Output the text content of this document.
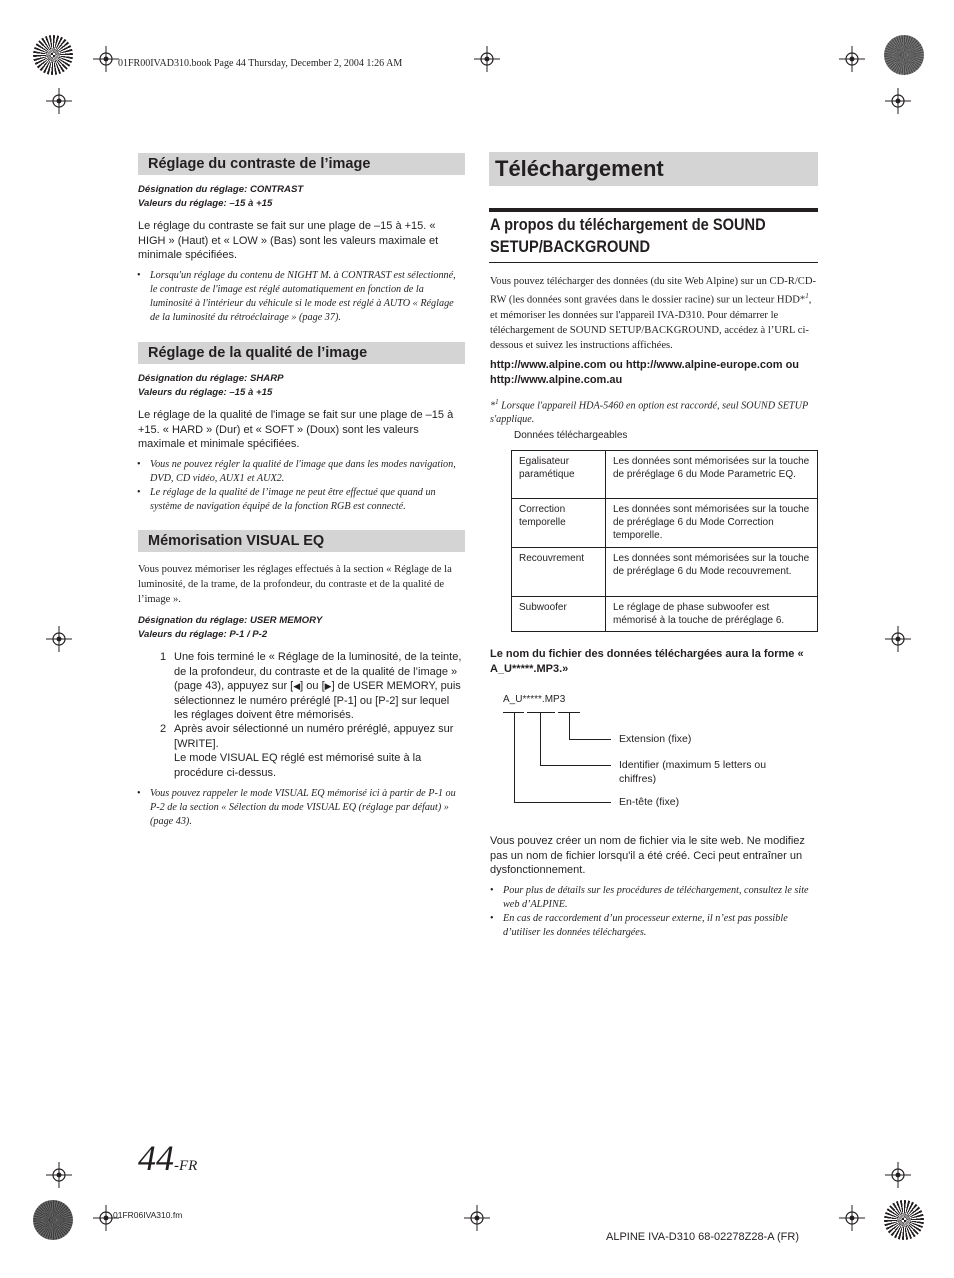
01FR00IVAD310.book Page 44 Thursday, December 2, 2004 1:26 AM
Réglage du contraste de l’image
Désignation du réglage: CONTRAST
Valeurs du réglage: –15 à +15
Le réglage du contraste se fait sur une plage de –15 à +15. « HIGH » (Haut) et « LOW » (Bas) sont les valeurs maximale et minimale spécifiées.
• Lorsqu'un réglage du contenu de NIGHT M. à CONTRAST est sélectionné, le contraste de l'image est réglé automatiquement en fonction de la luminosité à l'intérieur du véhicule si le mode est réglé à AUTO « Réglage de la luminosité du rétroéclairage » (page 37).
Réglage de la qualité de l’image
Désignation du réglage: SHARP
Valeurs du réglage: –15 à +15
Le réglage de la qualité de l'image se fait sur une plage de –15 à +15. « HARD » (Dur) et « SOFT » (Doux) sont les valeurs maximale et minimale spécifiées.
• Vous ne pouvez régler la qualité de l'image que dans les modes navigation, DVD, CD vidéo, AUX1 et AUX2.
• Le réglage de la qualité de l’image ne peut être effectué que quand un système de navigation équipé de la fonction RGB est connecté.
Mémorisation VISUAL EQ
Vous pouvez mémoriser les réglages effectués à la section « Réglage de la luminosité, de la trame, de la profondeur, du contraste et de la qualité de l’image ».
Désignation du réglage: USER MEMORY
Valeurs du réglage: P-1 / P-2
1 Une fois terminé le « Réglage de la luminosité, de la teinte, de la profondeur, du contraste et de la qualité de l’image » (page 43), appuyez sur [◀] ou [▶] de USER MEMORY, puis sélectionnez le numéro préréglé [P-1] ou [P-2] sur lequel les réglages doivent être mémorisés.
2 Après avoir sélectionné un numéro préréglé, appuyez sur [WRITE].
Le mode VISUAL EQ réglé est mémorisé suite à la procédure ci-dessus.
• Vous pouvez rappeler le mode VISUAL EQ mémorisé ici à partir de P-1 ou P-2 de la section « Sélection du mode VISUAL EQ (réglage par défaut) » (page 43).
Téléchargement
A propos du téléchargement de SOUND SETUP/BACKGROUND
Vous pouvez télécharger des données (du site Web Alpine) sur un CD-R/CD-RW (les données sont gravées dans le dossier racine) sur un lecteur HDD*$^1$, et mémoriser les données sur l'appareil IVA-D310. Pour démarrer le téléchargement de SOUND SETUP/BACKGROUND, accédez à l’URL ci-dessous et suivez les instructions affichées.
http://www.alpine.com ou http://www.alpine-europe.com ou http://www.alpine.com.au
*$^1$ Lorsque l'appareil HDA-5460 en option est raccordé, seul SOUND SETUP s'applique.
Données téléchargeables
Egalisateur paramétique	Les données sont mémorisées sur la touche de préréglage 6 du Mode Parametric EQ.
Correction temporelle	Les données sont mémorisées sur la touche de préréglage 6 du Mode Correction temporelle.
Recouvrement	Les données sont mémorisées sur la touche de préréglage 6 du Mode recouvrement.
Subwoofer	Le réglage de phase subwoofer est mémorisé à la touche de préréglage 6.
Le nom du fichier des données téléchargées aura la forme « A_U*****.MP3.»
A_U*****.MP3
Extension (fixe)
Identifier (maximum 5 letters ou chiffres)
En-tête (fixe)
Vous pouvez créer un nom de fichier via le site web. Ne modifiez pas un nom de fichier lorsqu'il a été créé. Ceci peut entraîner un dysfonctionnement.
• Pour plus de détails sur les procédures de téléchargement, consultez le site web d’ALPINE.
• En cas de raccordement d’un processeur externe, il n’est pas possible d’utiliser les données téléchargées.
44-FR
01FR06IVA310.fm
ALPINE IVA-D310 68-02278Z28-A (FR)
